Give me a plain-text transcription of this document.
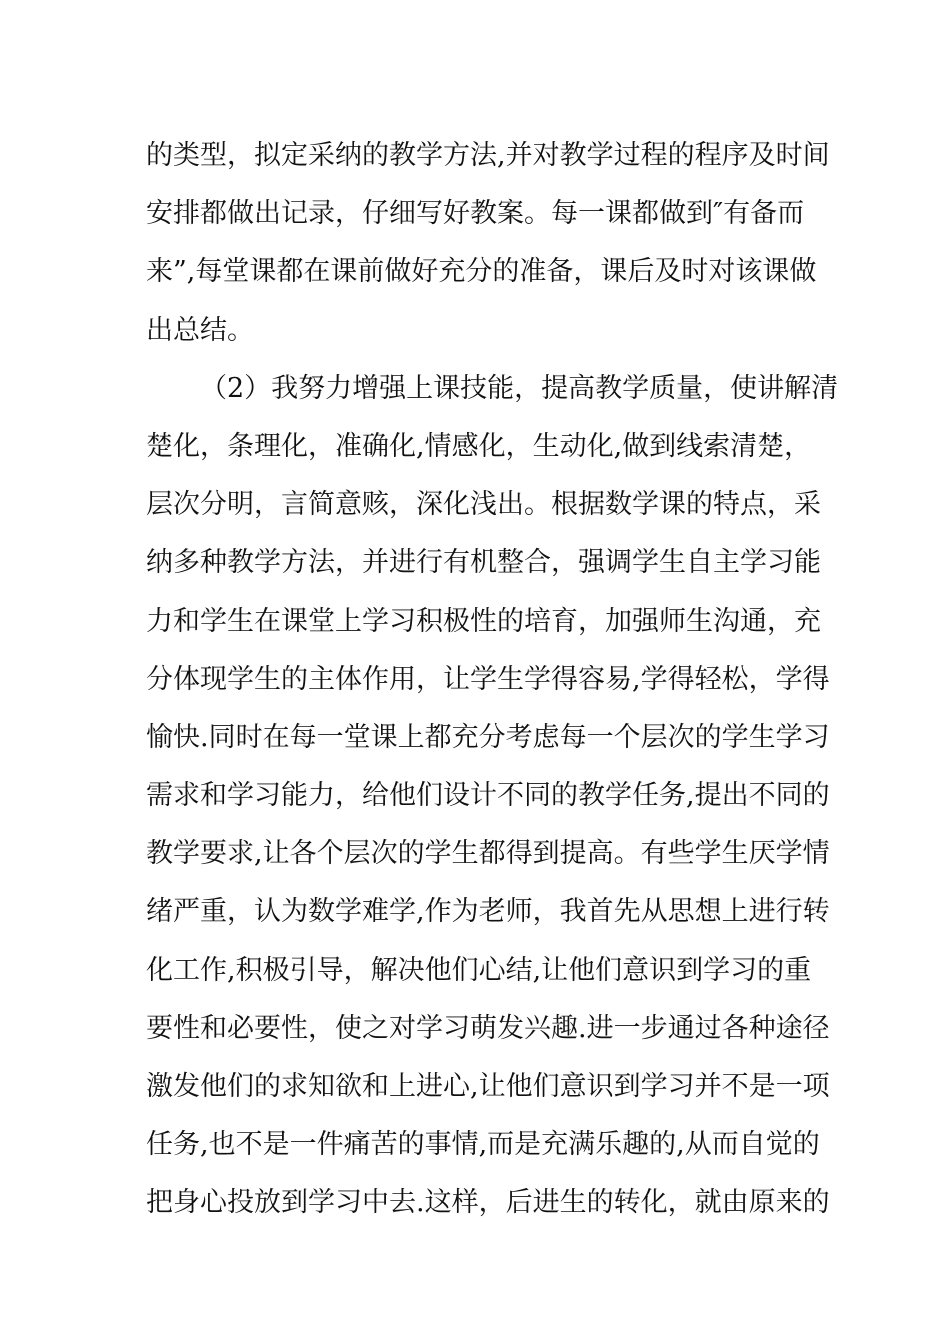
的类型，拟定采纳的教学方法,并对教学过程的程序及时间
安排都做出记录，仔细写好教案。每一课都做到″有备而
来”,每堂课都在课前做好充分的准备，课后及时对该课做
出总结。
（2）我努力增强上课技能，提高教学质量，使讲解清
楚化，条理化，准确化,情感化，生动化,做到线索清楚，
层次分明，言简意赅，深化浅出。根据数学课的特点，采
纳多种教学方法，并进行有机整合，强调学生自主学习能
力和学生在课堂上学习积极性的培育，加强师生沟通，充
分体现学生的主体作用，让学生学得容易,学得轻松，学得
愉快.同时在每一堂课上都充分考虑每一个层次的学生学习
需求和学习能力，给他们设计不同的教学任务,提出不同的
教学要求,让各个层次的学生都得到提高。有些学生厌学情
绪严重，认为数学难学,作为老师，我首先从思想上进行转
化工作,积极引导，解决他们心结,让他们意识到学习的重
要性和必要性，使之对学习萌发兴趣.进一步通过各种途径
激发他们的求知欲和上进心,让他们意识到学习并不是一项
任务,也不是一件痛苦的事情,而是充满乐趣的,从而自觉的
把身心投放到学习中去.这样，后进生的转化，就由原来的
